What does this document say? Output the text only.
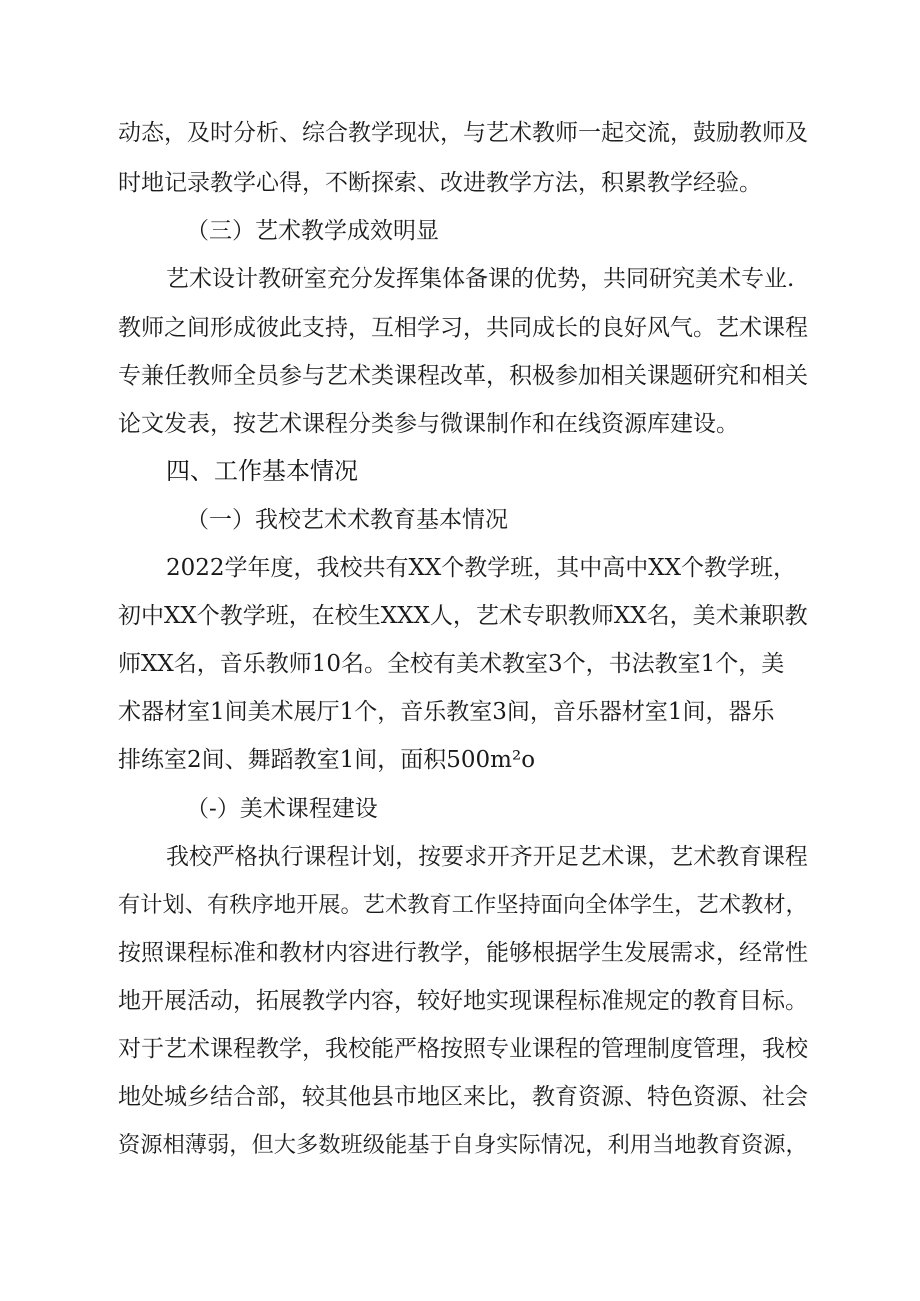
动态，及时分析、综合教学现状，与艺术教师一起交流，鼓励教师及
时地记录教学心得，不断探索、改进教学方法，积累教学经验。
（三）艺术教学成效明显
艺术设计教研室充分发挥集体备课的优势，共同研究美术专业.
教师之间形成彼此支持，互相学习，共同成长的良好风气。艺术课程
专兼任教师全员参与艺术类课程改革，积极参加相关课题研究和相关
论文发表，按艺术课程分类参与微课制作和在线资源库建设。
四、工作基本情况
（一）我校艺术术教育基本情况
2022学年度，我校共有XX个教学班，其中高中XX个教学班，
初中XX个教学班，在校生XXX人，艺术专职教师XX名，美术兼职教
师XX名，音乐教师10名。全校有美术教室3个，书法教室1个，美
术器材室1间美术展厅1个，音乐教室3间，音乐器材室1间，器乐
排练室2间、舞蹈教室1间，面积500m²o
（-）美术课程建设
我校严格执行课程计划，按要求开齐开足艺术课，艺术教育课程
有计划、有秩序地开展。艺术教育工作坚持面向全体学生，艺术教材，
按照课程标准和教材内容进行教学，能够根据学生发展需求，经常性
地开展活动，拓展教学内容，较好地实现课程标准规定的教育目标。
对于艺术课程教学，我校能严格按照专业课程的管理制度管理，我校
地处城乡结合部，较其他县市地区来比，教育资源、特色资源、社会
资源相薄弱，但大多数班级能基于自身实际情况，利用当地教育资源，
